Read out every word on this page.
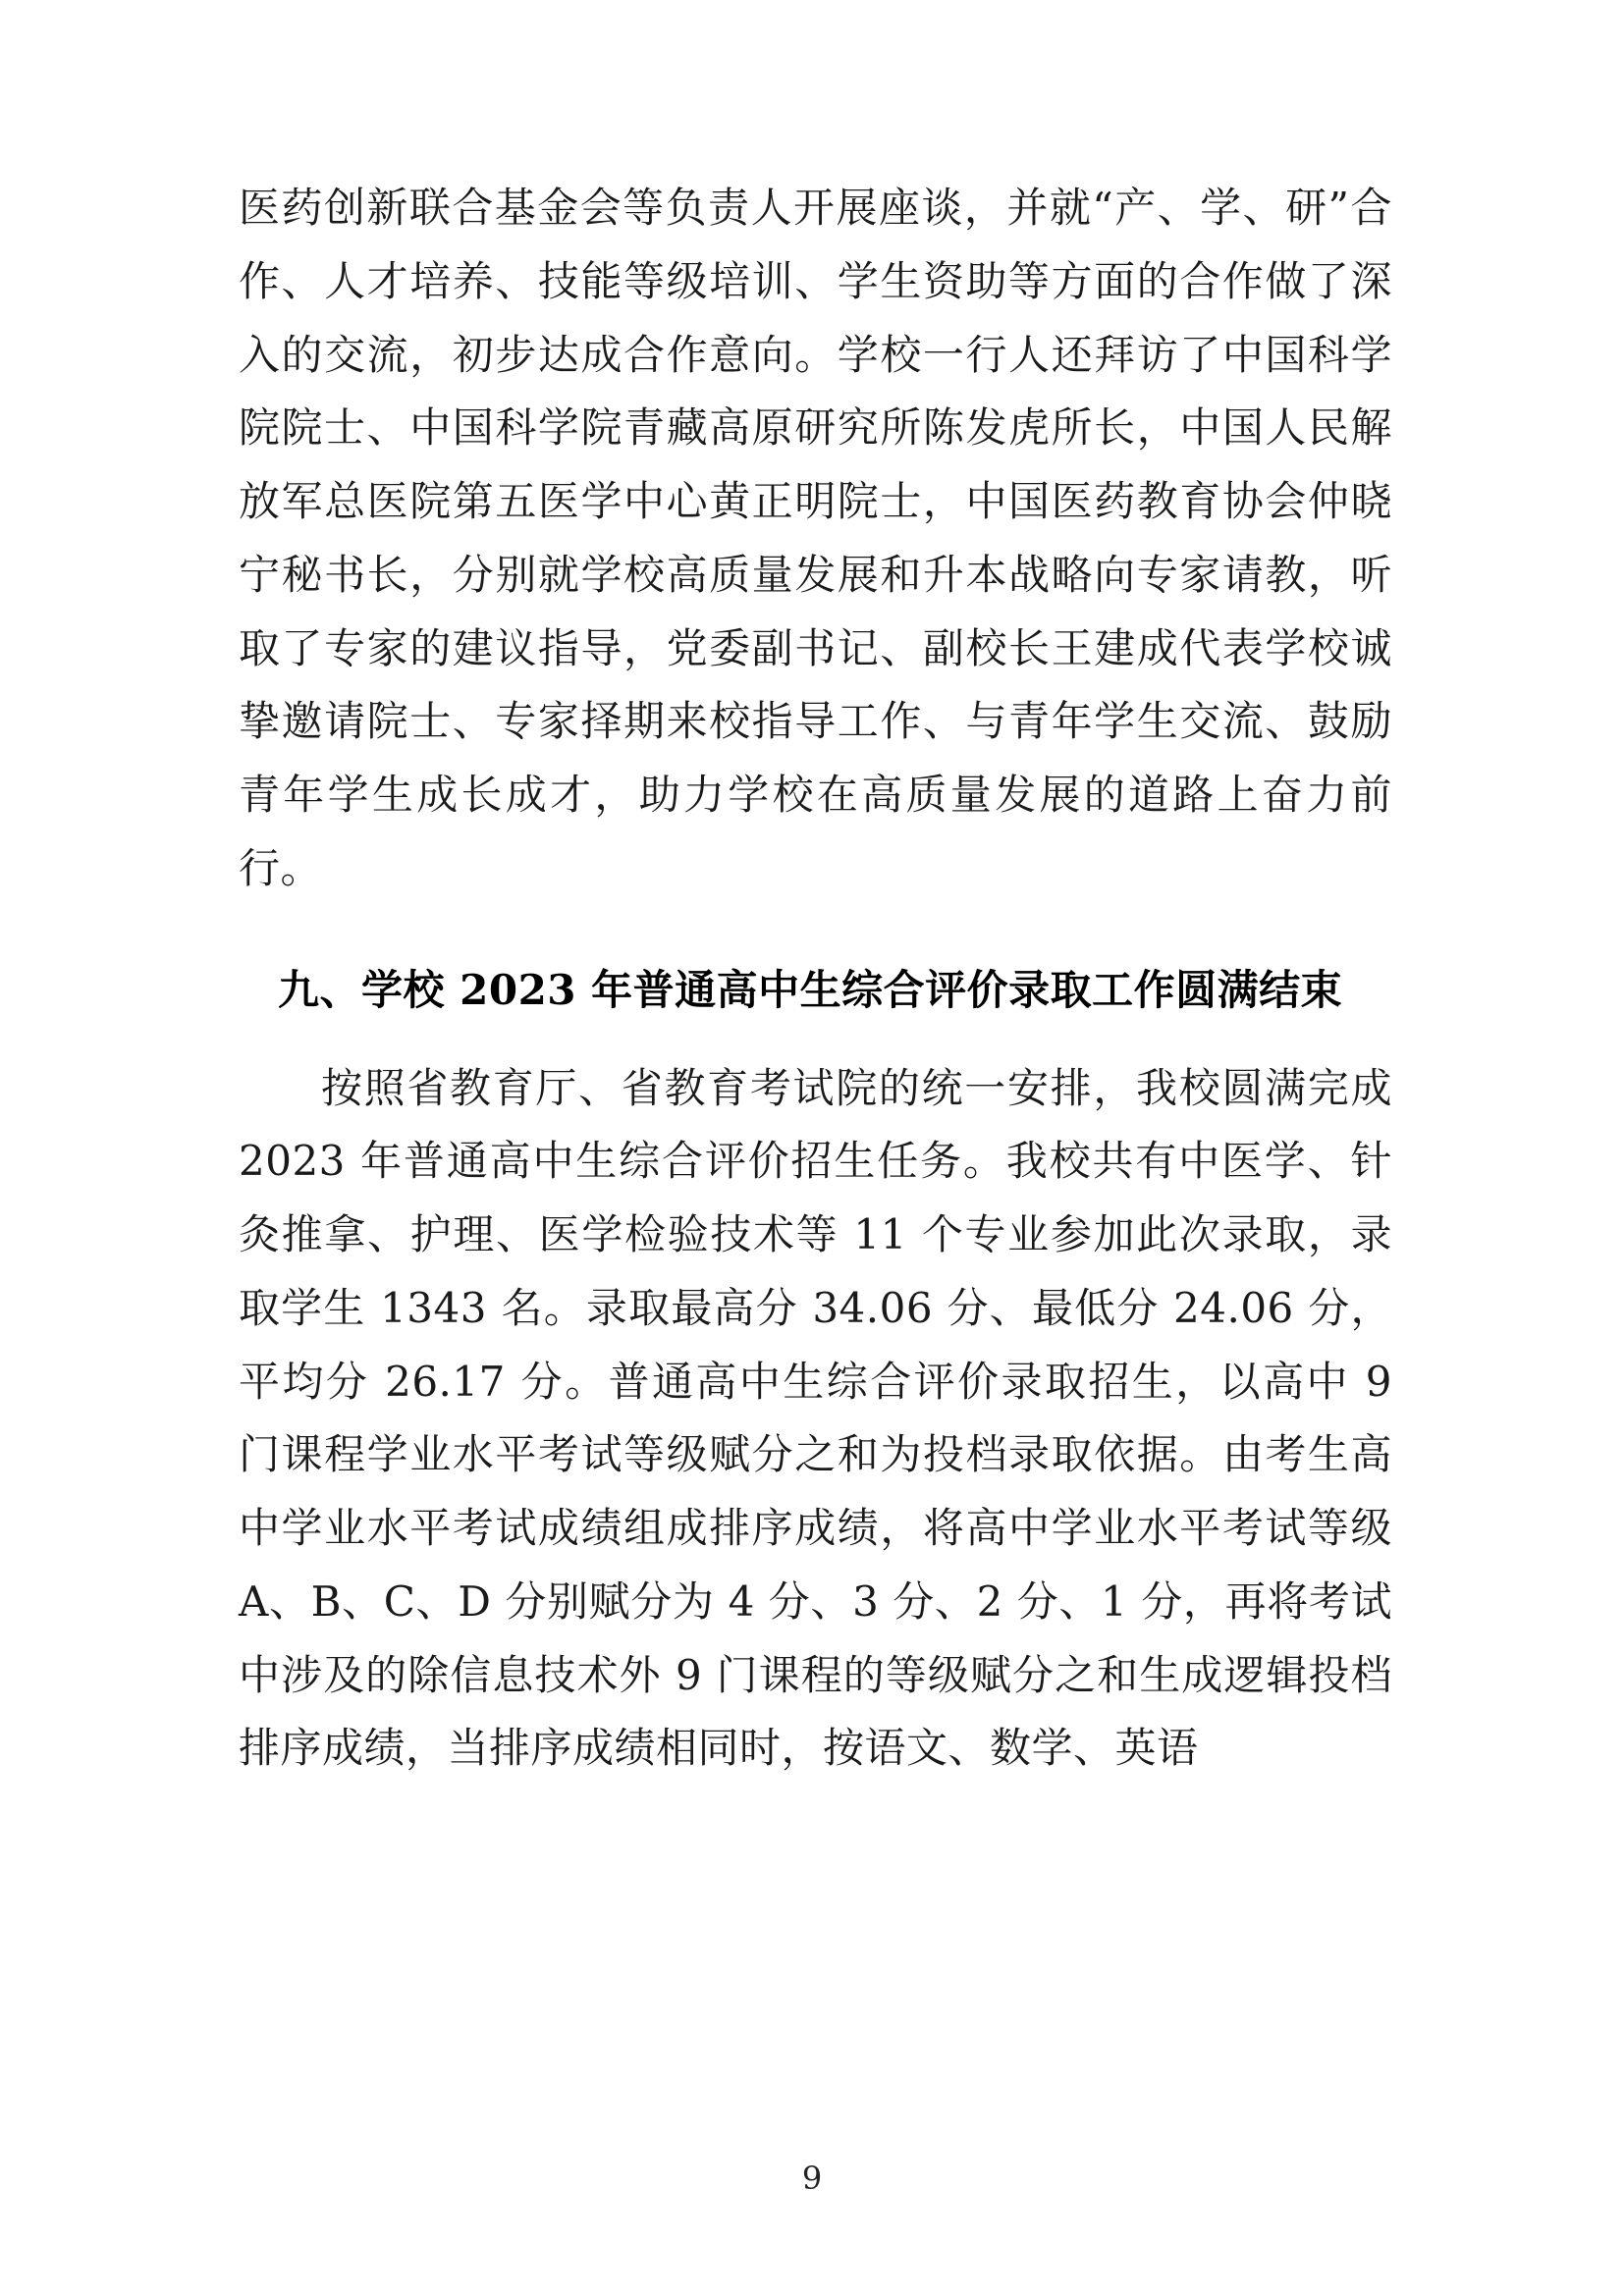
医药创新联合基金会等负责人开展座谈，并就“产、学、研”合作、人才培养、技能等级培训、学生资助等方面的合作做了深入的交流，初步达成合作意向。学校一行人还拜访了中国科学院院士、中国科学院青藏高原研究所陈发虎所长，中国人民解放军总医院第五医学中心黄正明院士，中国医药教育协会仲晓宁秘书长，分别就学校高质量发展和升本战略向专家请教，听取了专家的建议指导，党委副书记、副校长王建成代表学校诚挚邀请院士、专家择期来校指导工作、与青年学生交流、鼓励青年学生成长成才，助力学校在高质量发展的道路上奋力前行。

九、学校 2023 年普通高中生综合评价录取工作圆满结束

按照省教育厅、省教育考试院的统一安排，我校圆满完成 2023 年普通高中生综合评价招生任务。我校共有中医学、针灸推拿、护理、医学检验技术等 11 个专业参加此次录取，录取学生 1343 名。录取最高分 34.06 分、最低分 24.06 分，平均分 26.17 分。普通高中生综合评价录取招生，以高中 9 门课程学业水平考试等级赋分之和为投档录取依据。由考生高中学业水平考试成绩组成排序成绩，将高中学业水平考试等级 A、B、C、D 分别赋分为 4 分、3 分、2 分、1 分，再将考试中涉及的除信息技术外 9 门课程的等级赋分之和生成逻辑投档排序成绩，当排序成绩相同时，按语文、数学、英语

9
